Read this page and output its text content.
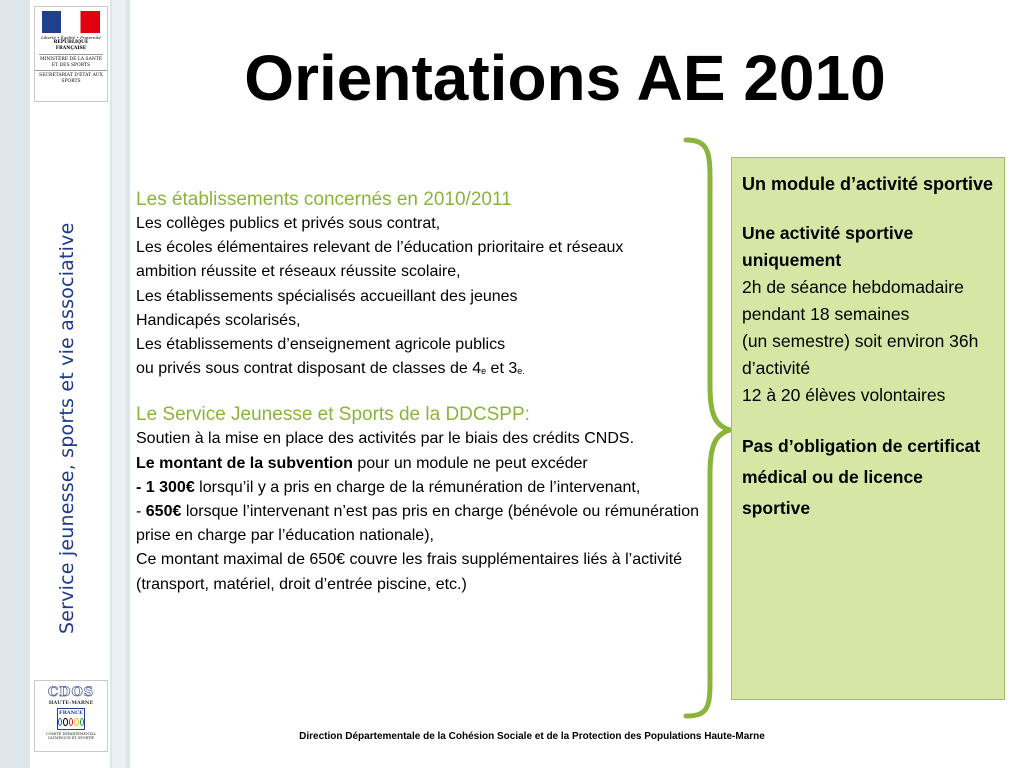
Liberté • Égalité • Fraternité
RÉPUBLIQUE FRANÇAISE
MINISTÈRE DE LA SANTÉ ET DES SPORTS
SECRÉTARIAT D'ÉTAT AUX SPORTS
Service jeunesse, sports et vie associative
CDOS
HAUTE-MARNE
FRANCE
COMITÉ DÉPARTEMENTAL OLYMPIQUE ET SPORTIF
Orientations AE 2010

Les établissements concernés en 2010/2011

Les collèges publics et privés sous contrat,

Les écoles élémentaires relevant de l’éducation prioritaire et réseaux

ambition réussite et réseaux réussite scolaire,

Les établissements spécialisés accueillant des jeunes

Handicapés scolarisés,

Les établissements d’enseignement agricole publics

ou privés sous contrat disposant de classes de 4e et 3e.

Le Service Jeunesse et Sports de la DDCSPP:

Soutien à la mise en place des activités par le biais des crédits CNDS.

Le montant de la subvention pour un module ne peut excéder

- 1 300€ lorsqu’il y a pris en charge de la rémunération de l’intervenant,

- 650€ lorsque l’intervenant n’est pas pris en charge (bénévole ou rémunération prise en charge par l’éducation nationale),

Ce montant maximal de 650€ couvre les frais supplémentaires liés à l’activité (transport, matériel, droit d’entrée piscine, etc.)

Un module d’activité sportive

Une activité sportive uniquement

2h de séance hebdomadaire pendant 18 semaines

(un semestre) soit environ 36h d’activité

12 à 20 élèves volontaires

Pas d’obligation de certificat médical ou de licence sportive

Direction Départementale de la Cohésion Sociale et de la Protection des Populations Haute-Marne
